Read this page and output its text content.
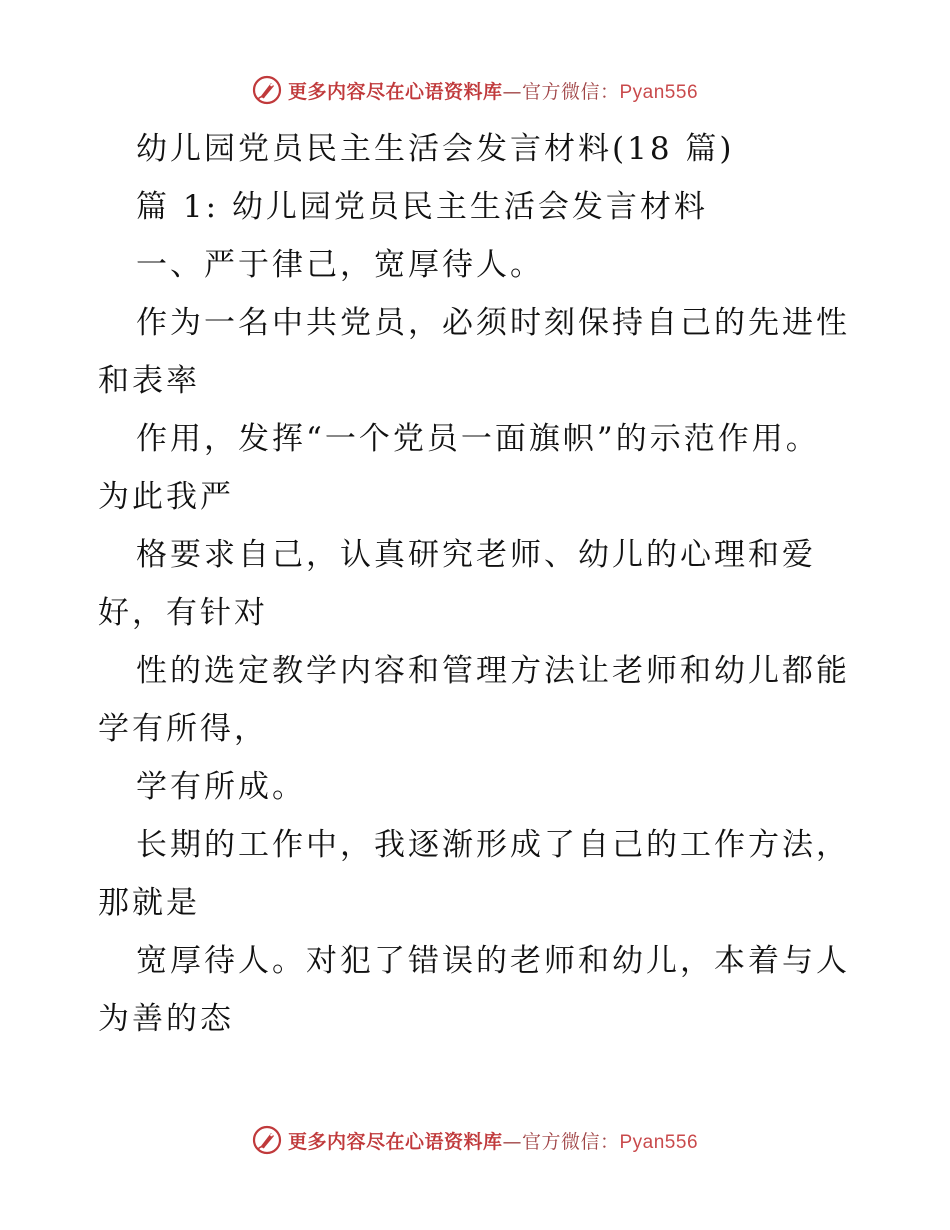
更多内容尽在心语资料库—官方微信：Pyan556
幼儿园党员民主生活会发言材料(18 篇)
篇 1: 幼儿园党员民主生活会发言材料
一、严于律己，宽厚待人。
作为一名中共党员，必须时刻保持自己的先进性
和表率
作用，发挥“一个党员一面旗帜”的示范作用。
为此我严
格要求自己，认真研究老师、幼儿的心理和爱
好，有针对
性的选定教学内容和管理方法让老师和幼儿都能
学有所得，
学有所成。
长期的工作中，我逐渐形成了自己的工作方法，
那就是
宽厚待人。对犯了错误的老师和幼儿，本着与人
为善的态
更多内容尽在心语资料库—官方微信：Pyan556
